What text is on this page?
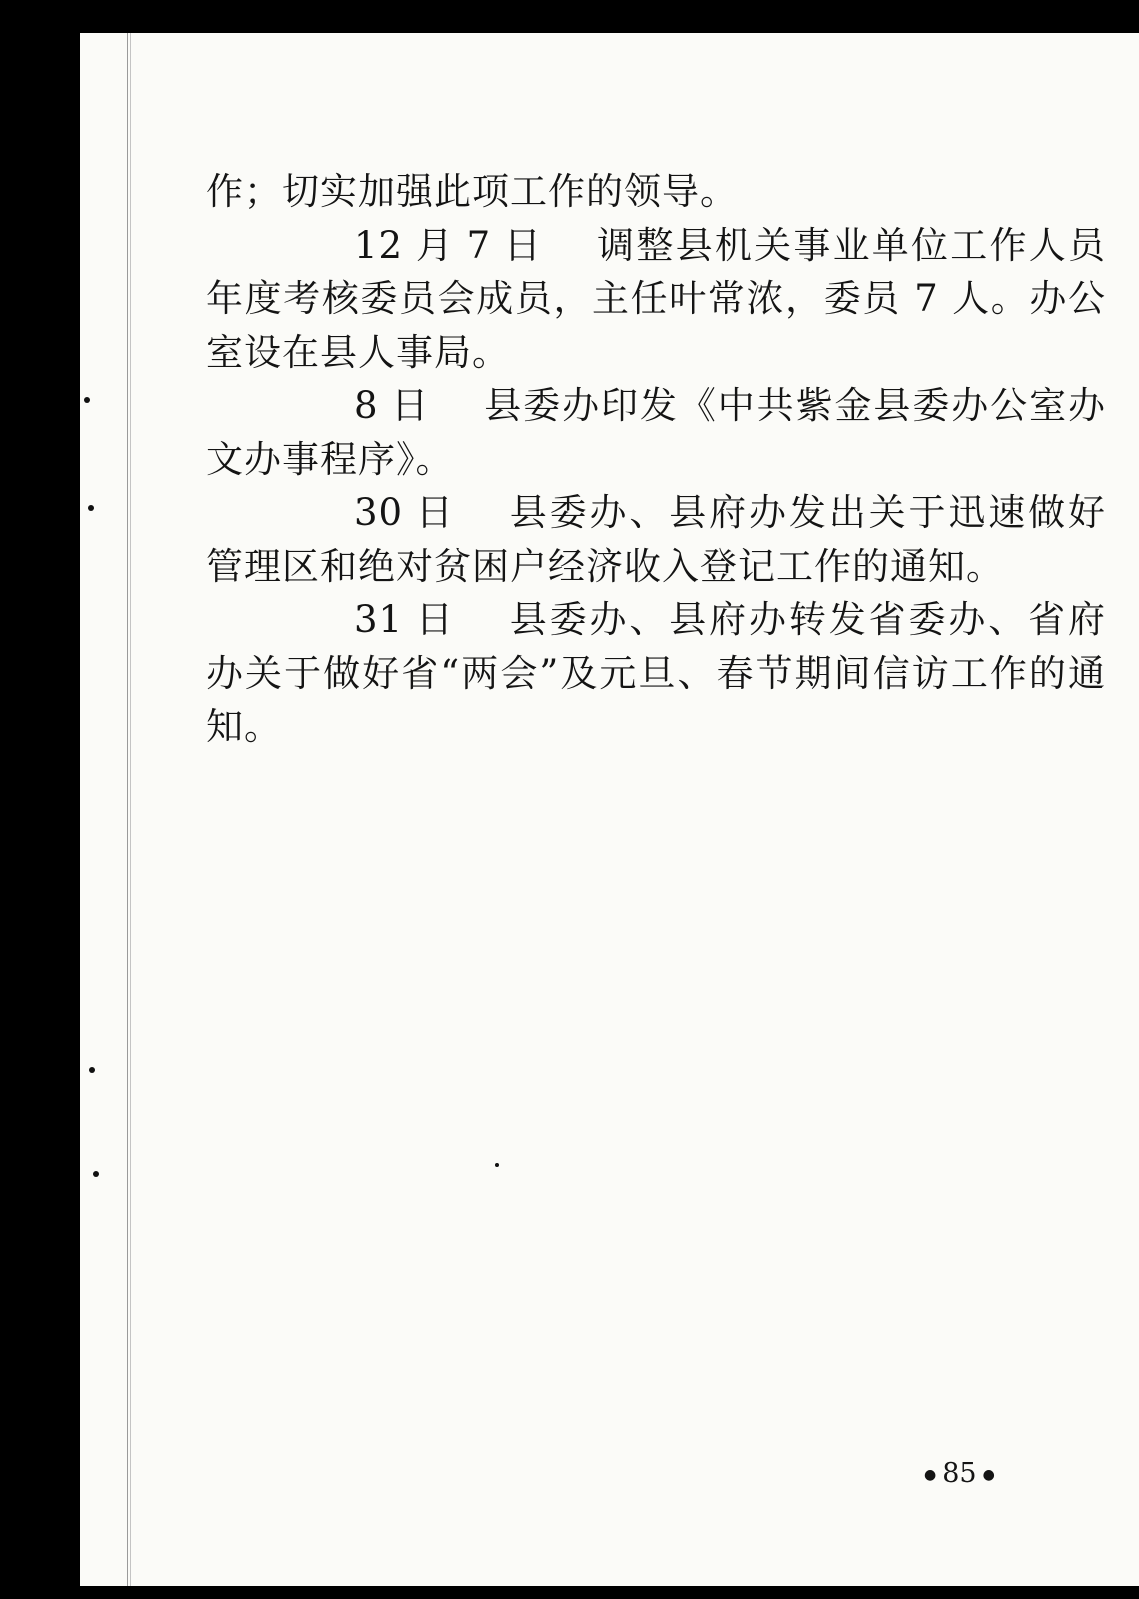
作；切实加强此项工作的领导。

12 月 7 日 调整县机关事业单位工作人员年度考核委员会成员，主任叶常浓，委员 7 人。办公室设在县人事局。

8 日 县委办印发《中共紫金县委办公室办文办事程序》。

30 日 县委办、县府办发出关于迅速做好管理区和绝对贫困户经济收入登记工作的通知。

31 日 县委办、县府办转发省委办、省府办关于做好省“两会”及元旦、春节期间信访工作的通知。

● 85 ●
